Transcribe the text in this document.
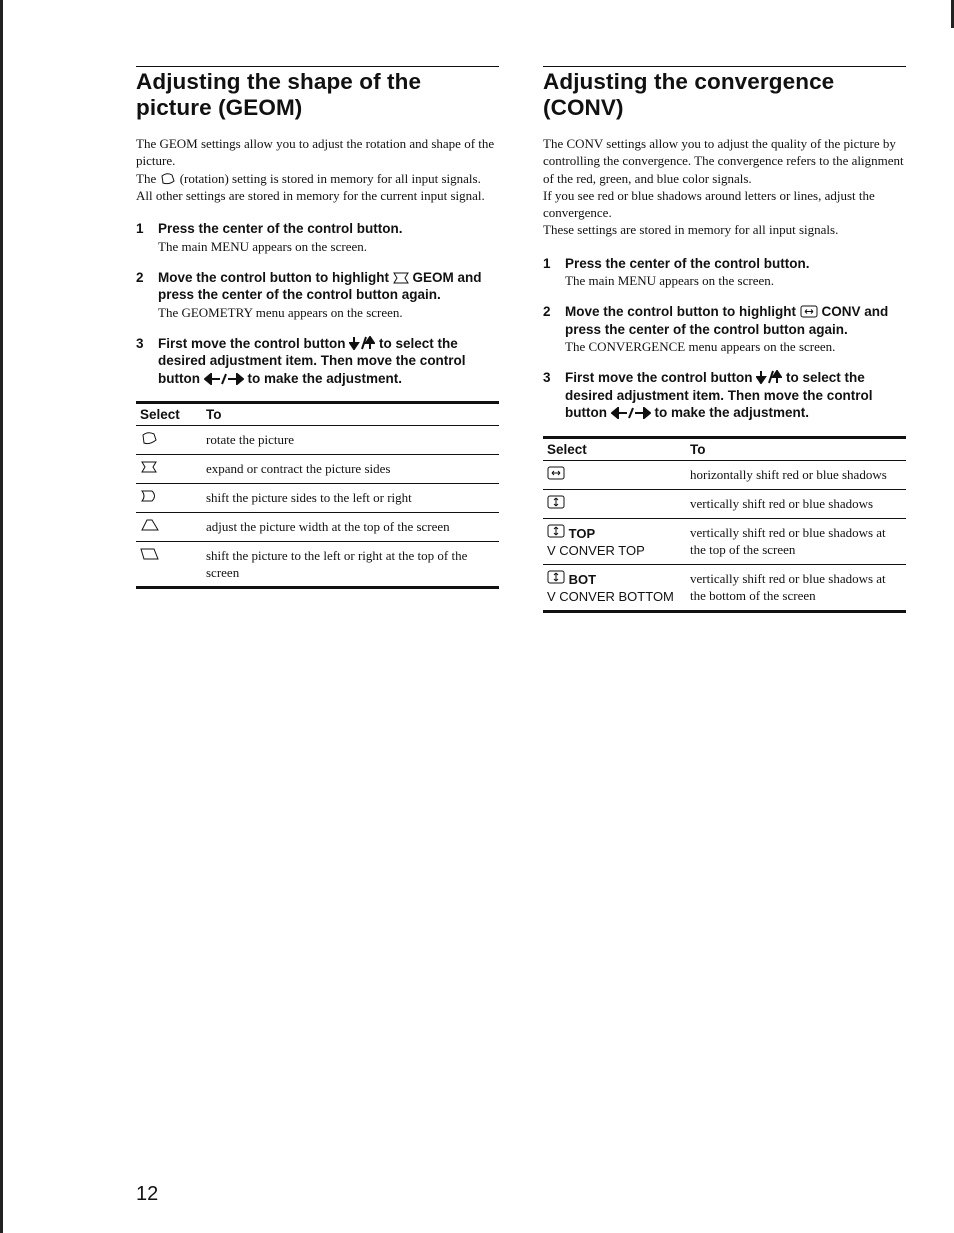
Adjusting the shape of the picture (GEOM)

The GEOM settings allow you to adjust the rotation and shape of the picture.

The  (rotation) setting is stored in memory for all input signals.

All other settings are stored in memory for the current input signal.

1	Press the center of the control button.
The main MENU appears on the screen.
2	Move the control button to highlight GEOM and press the center of the control button again.
The GEOMETRY menu appears on the screen.
3	First move the control button to select the desired adjustment item. Then move the control button	to make the adjustment.
Select	To
	rotate the picture
	expand or contract the picture sides
	shift the picture sides to the left or right
	adjust the picture width at the top of the screen
	shift the picture to the left or right at the top of the screen
Adjusting the convergence (CONV)

The CONV settings allow you to adjust the quality of the picture by controlling the convergence. The convergence refers to the alignment of the red, green, and blue color signals.

If you see red or blue shadows around letters or lines, adjust the convergence.

These settings are stored in memory for all input signals.

1	Press the center of the control button.
The main MENU appears on the screen.
2	Move the control button to highlight CONV and press the center of the control button again.
The CONVERGENCE menu appears on the screen.
3	First move the control button to select the desired adjustment item. Then move the control button	to make the adjustment.
Select	To
	horizontally shift red or blue shadows
	vertically shift red or blue shadows
TOP
V CONVER TOP	vertically shift red or blue shadows at the top of the screen
BOT
V CONVER BOTTOM	vertically shift red or blue shadows at the bottom of the screen
12
